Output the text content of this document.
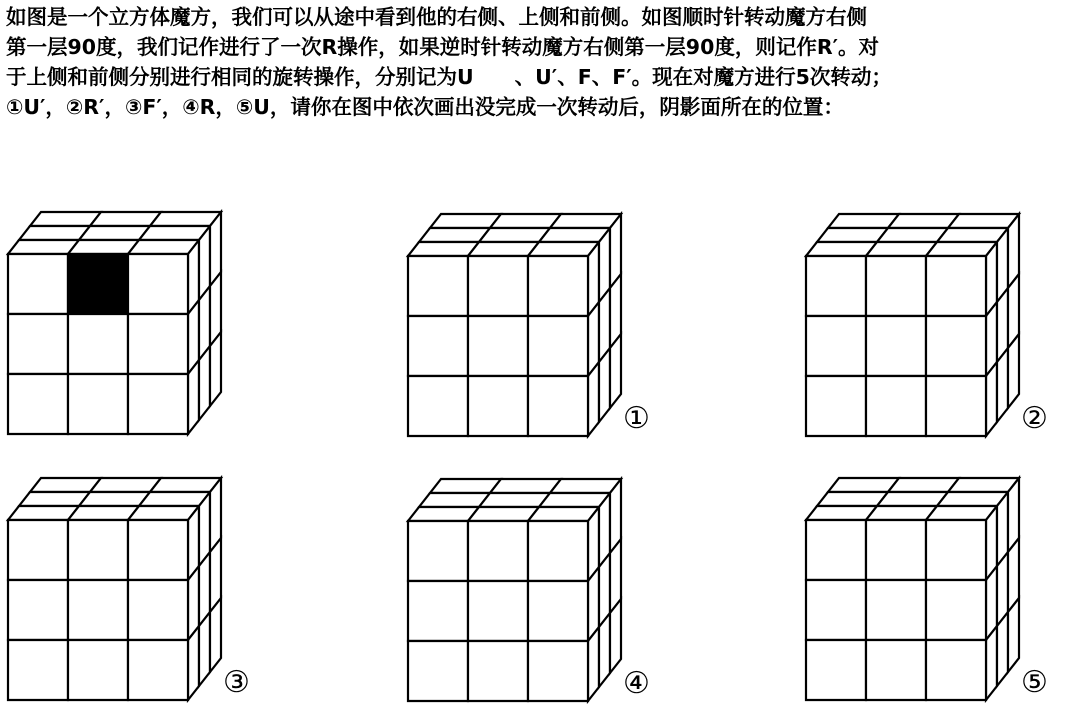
如图是一个立方体魔方，我们可以从途中看到他的右侧、上侧和前侧。如图顺时针转动魔方右侧
第一层90度，我们记作进行了一次R操作，如果逆时针转动魔方右侧第一层90度，则记作R′。对
于上侧和前侧分别进行相同的旋转操作，分别记为U　　、U′、F、F′。现在对魔方进行5次转动；
①U′，②R′，③F′，④R，⑤U，请你在图中依次画出没完成一次转动后，阴影面所在的位置：
①	②
③	④	⑤
